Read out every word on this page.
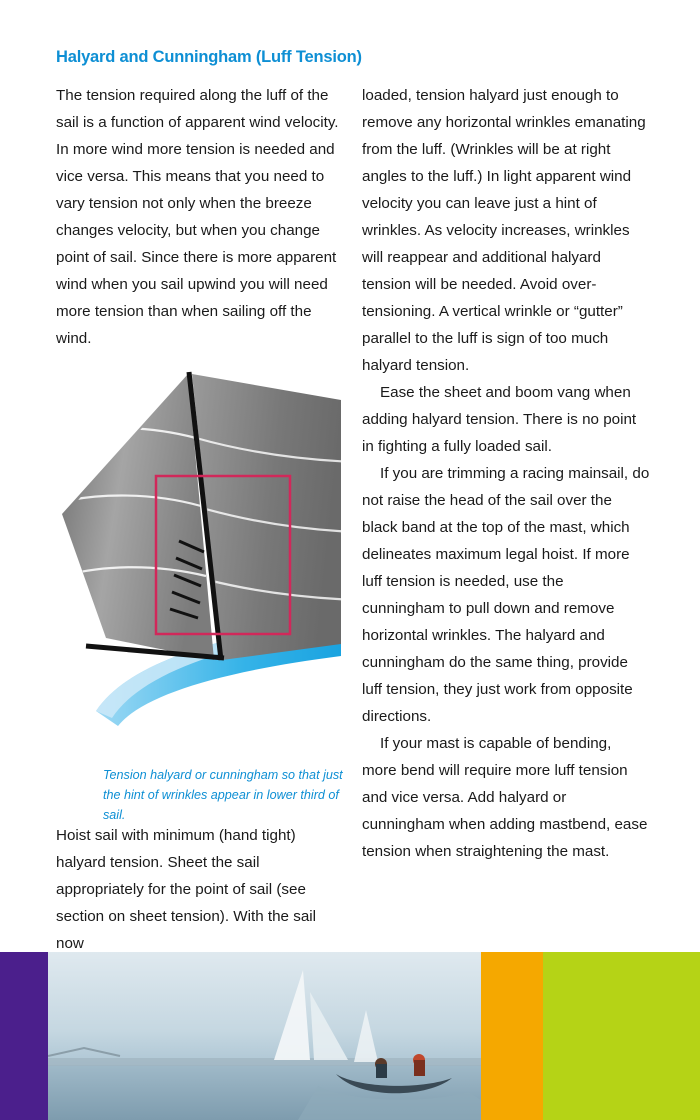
Halyard and Cunningham (Luff Tension)

The tension required along the luff of the sail is a function of apparent wind velocity. In more wind more tension is needed and vice versa. This means that you need to vary tension not only when the breeze changes velocity, but when you change point of sail. Since there is more apparent wind when you sail upwind you will need more tension than when sailing off the wind.

Tension halyard or cunningham so that just the hint of wrinkles appear in lower third of sail.

Hoist sail with minimum (hand tight) halyard tension. Sheet the sail appropriately for the point of sail (see section on sheet tension). With the sail now

loaded, tension halyard just enough to remove any horizontal wrinkles emanating from the luff. (Wrinkles will be at right angles to the luff.) In light apparent wind velocity you can leave just a hint of wrinkles. As velocity increases, wrinkles will reappear and additional halyard tension will be needed. Avoid over-tensioning. A vertical wrinkle or “gutter” parallel to the luff is sign of too much halyard tension.

Ease the sheet and boom vang when adding halyard tension. There is no point in fighting a fully loaded sail.

If you are trimming a racing mainsail, do not raise the head of the sail over the black band at the top of the mast, which delineates maximum legal hoist. If more luff tension is needed, use the cunningham to pull down and remove horizontal wrinkles. The halyard and cunningham do the same thing, provide luff tension, they just work from opposite directions.

If your mast is capable of bending, more bend will require more luff tension and vice versa. Add halyard or cunningham when adding mastbend, ease tension when straightening the mast.
